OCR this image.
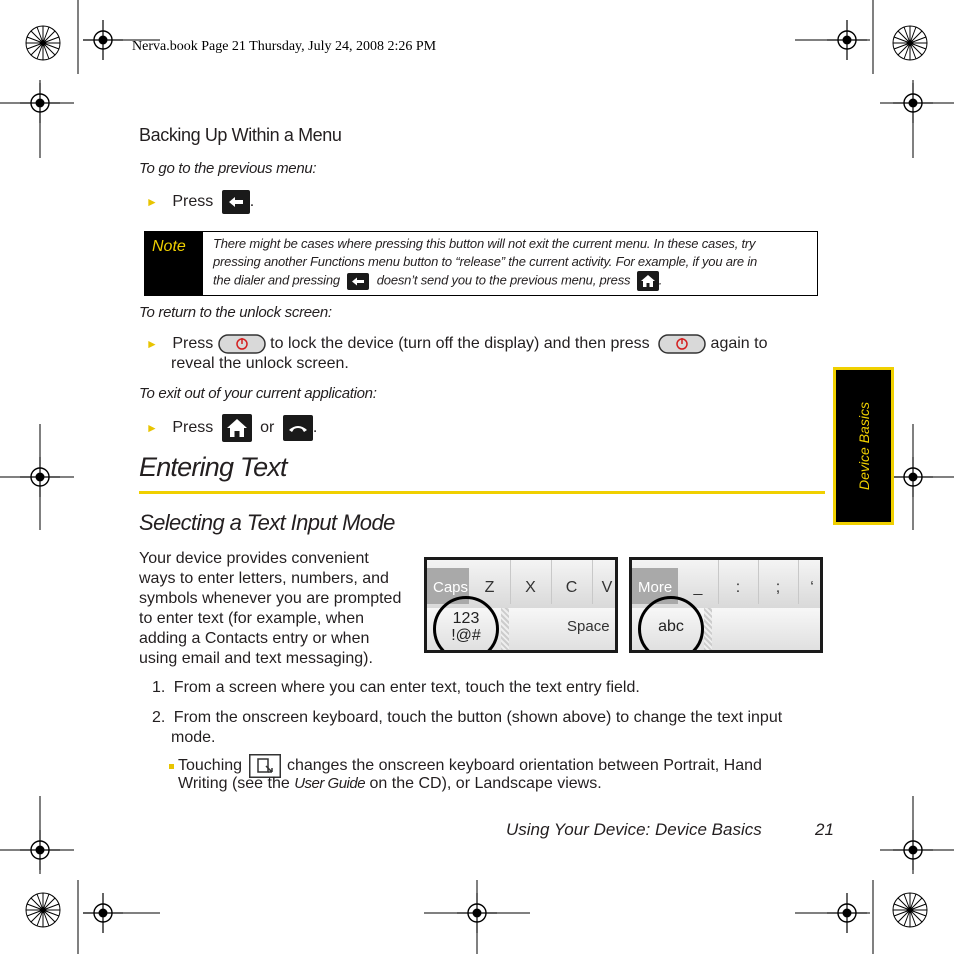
Nerva.book Page 21 Thursday, July 24, 2008 2:26 PM
Backing Up Within a Menu
To go to the previous menu:
► Press .
Note	There might be cases where pressing this button will not exit the current menu. In these cases, try
pressing another Functions menu button to “release” the current activity. For example, if you are in
the dialer and pressing	doesn’t send you to the previous menu, press .
To return to the unlock screen:
► Press	to lock the device (turn off the display) and then press	again to
reveal the unlock screen.
To exit out of your current application:
► Press	or .	Device Basics
Entering Text
Selecting a Text Input Mode
Your device provides convenient
ways to enter letters, numbers, and
symbols whenever you are prompted
to enter text (for example, when
adding a Contacts entry or when
using email and text messaging).
Caps	Z	X	C	V
123
!@#
Space
More	_	:	;	‘
abc
1. From a screen where you can enter text, touch the text entry field.
2. From the onscreen keyboard, touch the button (shown above) to change the text input
mode.
Touching	changes the onscreen keyboard orientation between Portrait, Hand
Writing (see the User Guide on the CD), or Landscape views.
Using Your Device: Device Basics	21
